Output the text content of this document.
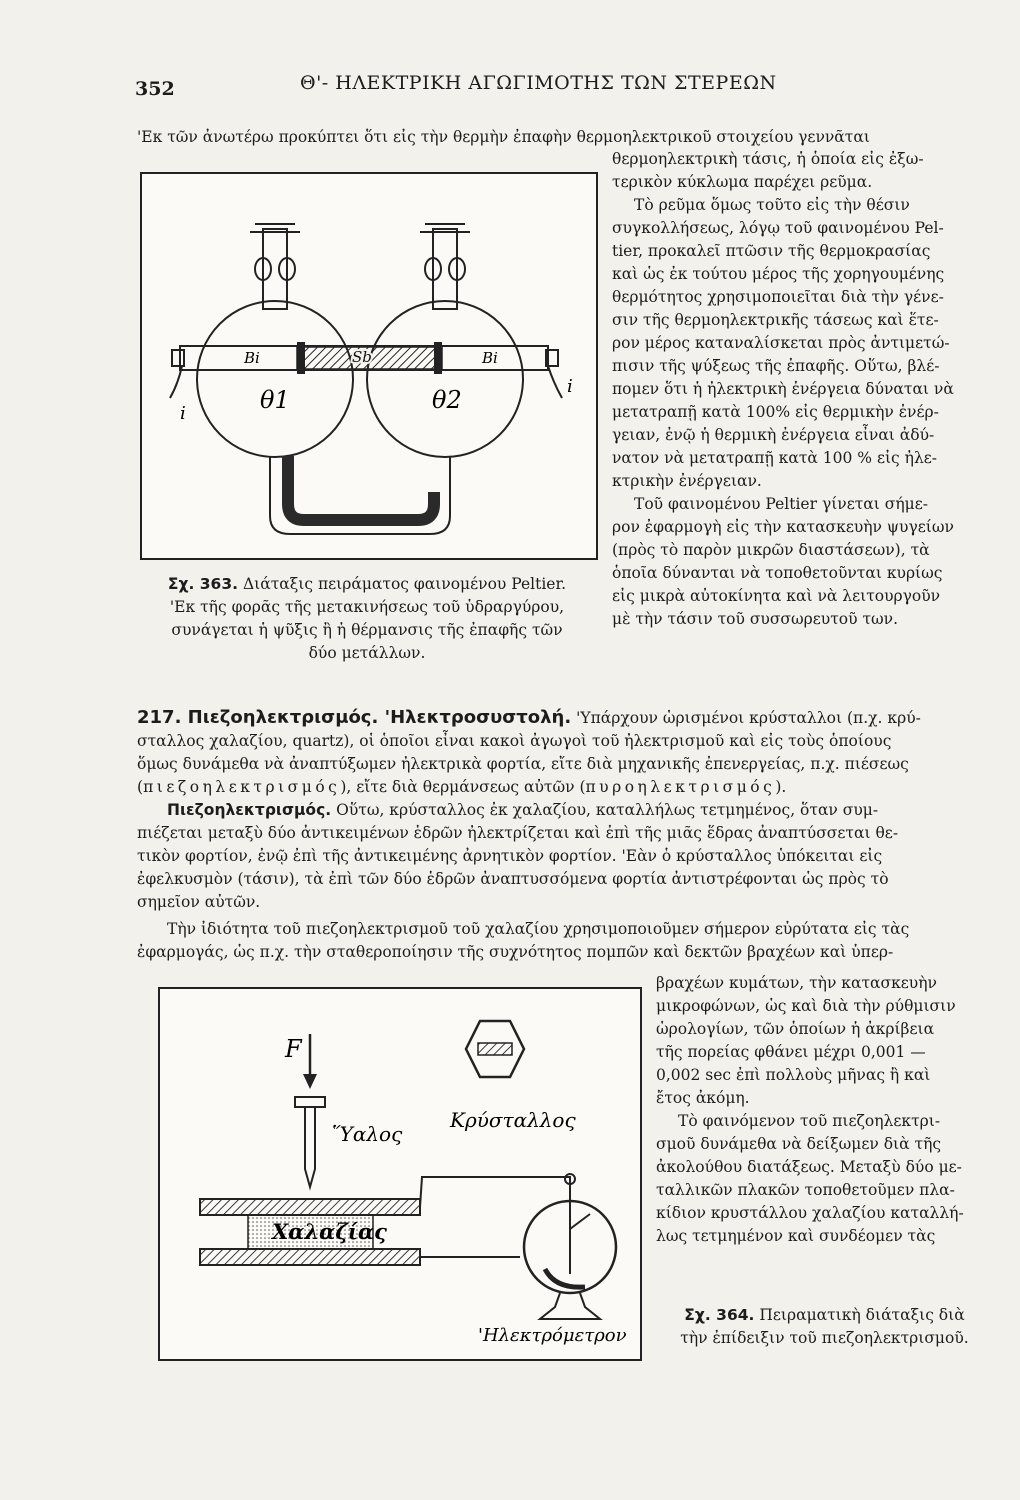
352	Θ'- ΗΛΕΚΤΡΙΚΗ ΑΓΩΓΙΜΟΤΗΣ ΤΩΝ ΣΤΕΡΕΩΝ
'Εκ τῶν ἀνωτέρω προκύπτει ὅτι εἰς τὴν θερμὴν ἐπαφὴν θερμοηλεκτρικοῦ στοιχείου γεννᾶται
Bi	Sb	Bi
θ1	θ2
i
i
θερμοηλεκτρικὴ τάσις, ἡ ὁποία εἰς ἐξω-
τερικὸν κύκλωμα παρέχει ρεῦμα.
Τὸ ρεῦμα ὅμως τοῦτο εἰς τὴν θέσιν
συγκολλήσεως, λόγῳ τοῦ φαινομένου Pel-
tier, προκαλεῖ πτῶσιν τῆς θερμοκρασίας
καὶ ὡς ἐκ τούτου μέρος τῆς χορηγουμένης
θερμότητος χρησιμοποιεῖται διὰ τὴν γένε-
σιν τῆς θερμοηλεκτρικῆς τάσεως καὶ ἕτε-
ρον μέρος καταναλίσκεται πρὸς ἀντιμετώ-
πισιν τῆς ψύξεως τῆς ἐπαφῆς. Οὕτω, βλέ-
πομεν ὅτι ἡ ἠλεκτρικὴ ἐνέργεια δύναται νὰ
μετατραπῇ κατὰ 100% εἰς θερμικὴν ἐνέρ-
γειαν, ἐνῷ ἡ θερμικὴ ἐνέργεια εἶναι ἀδύ-
νατον νὰ μετατραπῇ κατὰ 100 % εἰς ἠλε-
κτρικὴν ἐνέργειαν.
Τοῦ φαινομένου Peltier γίνεται σήμε-
ρον ἐφαρμογὴ εἰς τὴν κατασκευὴν ψυγείων
(πρὸς τὸ παρὸν μικρῶν διαστάσεων), τὰ
ὁποῖα δύνανται νὰ τοποθετοῦνται κυρίως
εἰς μικρὰ αὐτοκίνητα καὶ νὰ λειτουργοῦν
μὲ τὴν τάσιν τοῦ συσσωρευτοῦ των.
Σχ. 363. Διάταξις πειράματος φαινομένου Peltier.
'Εκ τῆς φορᾶς τῆς μετακινήσεως τοῦ ὑδραργύρου,
συνάγεται ἡ ψῦξις ἢ ἡ θέρμανσις τῆς ἐπαφῆς τῶν
δύο μετάλλων.
217. Πιεζοηλεκτρισμός. 'Ηλεκτροσυστολή. 'Υπάρχουν ὡρισμένοι κρύσταλλοι (π.χ. κρύ-
σταλλος χαλαζίου, quartz), οἱ ὁποῖοι εἶναι κακοὶ ἀγωγοὶ τοῦ ἠλεκτρισμοῦ καὶ εἰς τοὺς ὁποίους
ὅμως δυνάμεθα νὰ ἀναπτύξωμεν ἠλεκτρικὰ φορτία, εἴτε διὰ μηχανικῆς ἐπενεργείας, π.χ. πιέσεως
(πιεζοηλεκτρισμός), εἴτε διὰ θερμάνσεως αὐτῶν (πυροηλεκτρισμός).
Πιεζοηλεκτρισμός. Οὕτω, κρύσταλλος ἐκ χαλαζίου, καταλλήλως τετμημένος, ὅταν συμ-
πιέζεται μεταξὺ δύο ἀντικειμένων ἑδρῶν ἠλεκτρίζεται καὶ ἐπὶ τῆς μιᾶς ἕδρας ἀναπτύσσεται θε-
τικὸν φορτίον, ἐνῷ ἐπὶ τῆς ἀντικειμένης ἀρνητικὸν φορτίον. 'Εὰν ὁ κρύσταλλος ὑπόκειται εἰς
ἐφελκυσμὸν (τάσιν), τὰ ἐπὶ τῶν δύο ἑδρῶν ἀναπτυσσόμενα φορτία ἀντιστρέφονται ὡς πρὸς τὸ
σημεῖον αὐτῶν.
Τὴν ἰδιότητα τοῦ πιεζοηλεκτρισμοῦ τοῦ χαλαζίου χρησιμοποιοῦμεν σήμερον εὐρύτατα εἰς τὰς
ἐφαρμογάς, ὡς π.χ. τὴν σταθεροποίησιν τῆς συχνότητος πομπῶν καὶ δεκτῶν βραχέων καὶ ὑπερ-
F
Ὕαλος
Κρύσταλλος
Χαλαζίας
'Ηλεκτρόμετρον
βραχέων κυμάτων, τὴν κατασκευὴν
μικροφώνων, ὡς καὶ διὰ τὴν ρύθμισιν
ὡρολογίων, τῶν ὁποίων ἡ ἀκρίβεια
τῆς πορείας φθάνει μέχρι 0,001 —
0,002 sec ἐπὶ πολλοὺς μῆνας ἢ καὶ
ἔτος ἀκόμη.
Τὸ φαινόμενον τοῦ πιεζοηλεκτρι-
σμοῦ δυνάμεθα νὰ δείξωμεν διὰ τῆς
ἀκολούθου διατάξεως. Μεταξὺ δύο με-
ταλλικῶν πλακῶν τοποθετοῦμεν πλα-
κίδιον κρυστάλλου χαλαζίου καταλλή-
λως τετμημένον καὶ συνδέομεν τὰς
Σχ. 364. Πειραματικὴ διάταξις διὰ
τὴν ἐπίδειξιν τοῦ πιεζοηλεκτρισμοῦ.
